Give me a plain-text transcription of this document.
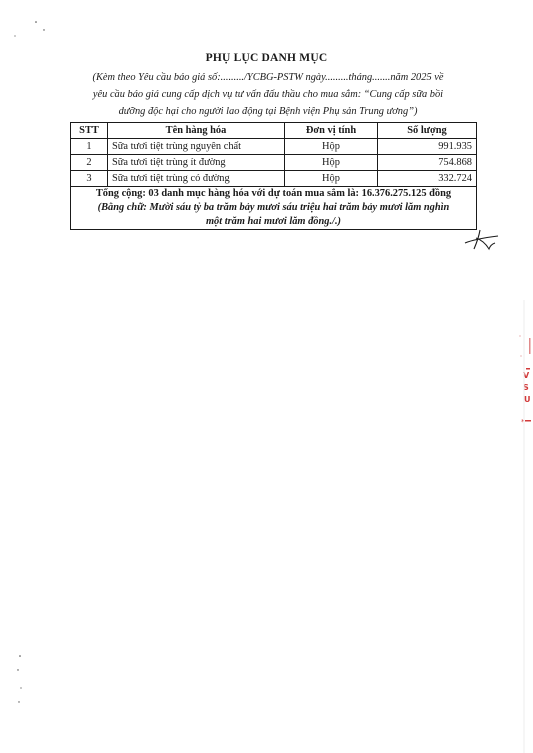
PHỤ LỤC DANH MỤC
(Kèm theo Yêu cầu báo giá số:........./YCBG-PSTW ngày.........tháng.......năm 2025 về
yêu cầu báo giá cung cấp dịch vụ tư vấn đấu thầu cho mua sắm: “Cung cấp sữa bồi
dưỡng độc hại cho người lao động tại Bệnh viện Phụ sản Trung ương”)
STT	Tên hàng hóa	Đơn vị tính	Số lượng
1	Sữa tươi tiệt trùng nguyên chất	Hộp	991.935
2	Sữa tươi tiệt trùng ít đường	Hộp	754.868
3	Sữa tươi tiệt trùng có đường	Hộp	332.724

Tổng cộng: 03 danh mục hàng hóa với dự toán mua sắm là: 16.376.275.125 đồng
(Bằng chữ: Mười sáu tỷ ba trăm bảy mươi sáu triệu hai trăm bảy mươi lăm nghìn
một trăm hai mươi lăm đồng./.)			
V
S
U
*
